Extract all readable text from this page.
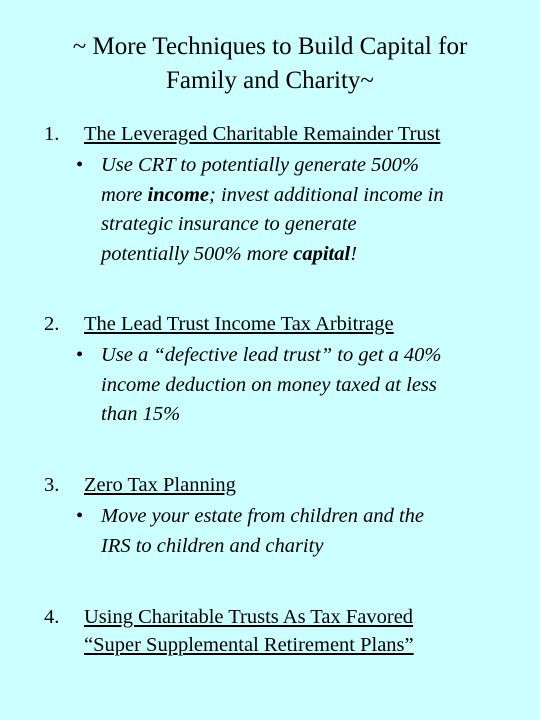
~ More Techniques to Build Capital for
Family and Charity~
1. The Leveraged Charitable Remainder Trust
• Use CRT to potentially generate 500%
more income; invest additional income in
strategic insurance to generate
potentially 500% more capital!
2. The Lead Trust Income Tax Arbitrage
• Use a “defective lead trust” to get a 40%
income deduction on money taxed at less
than 15%
3. Zero Tax Planning
• Move your estate from children and the
IRS to children and charity
4. Using Charitable Trusts As Tax Favored
“Super Supplemental Retirement Plans”
